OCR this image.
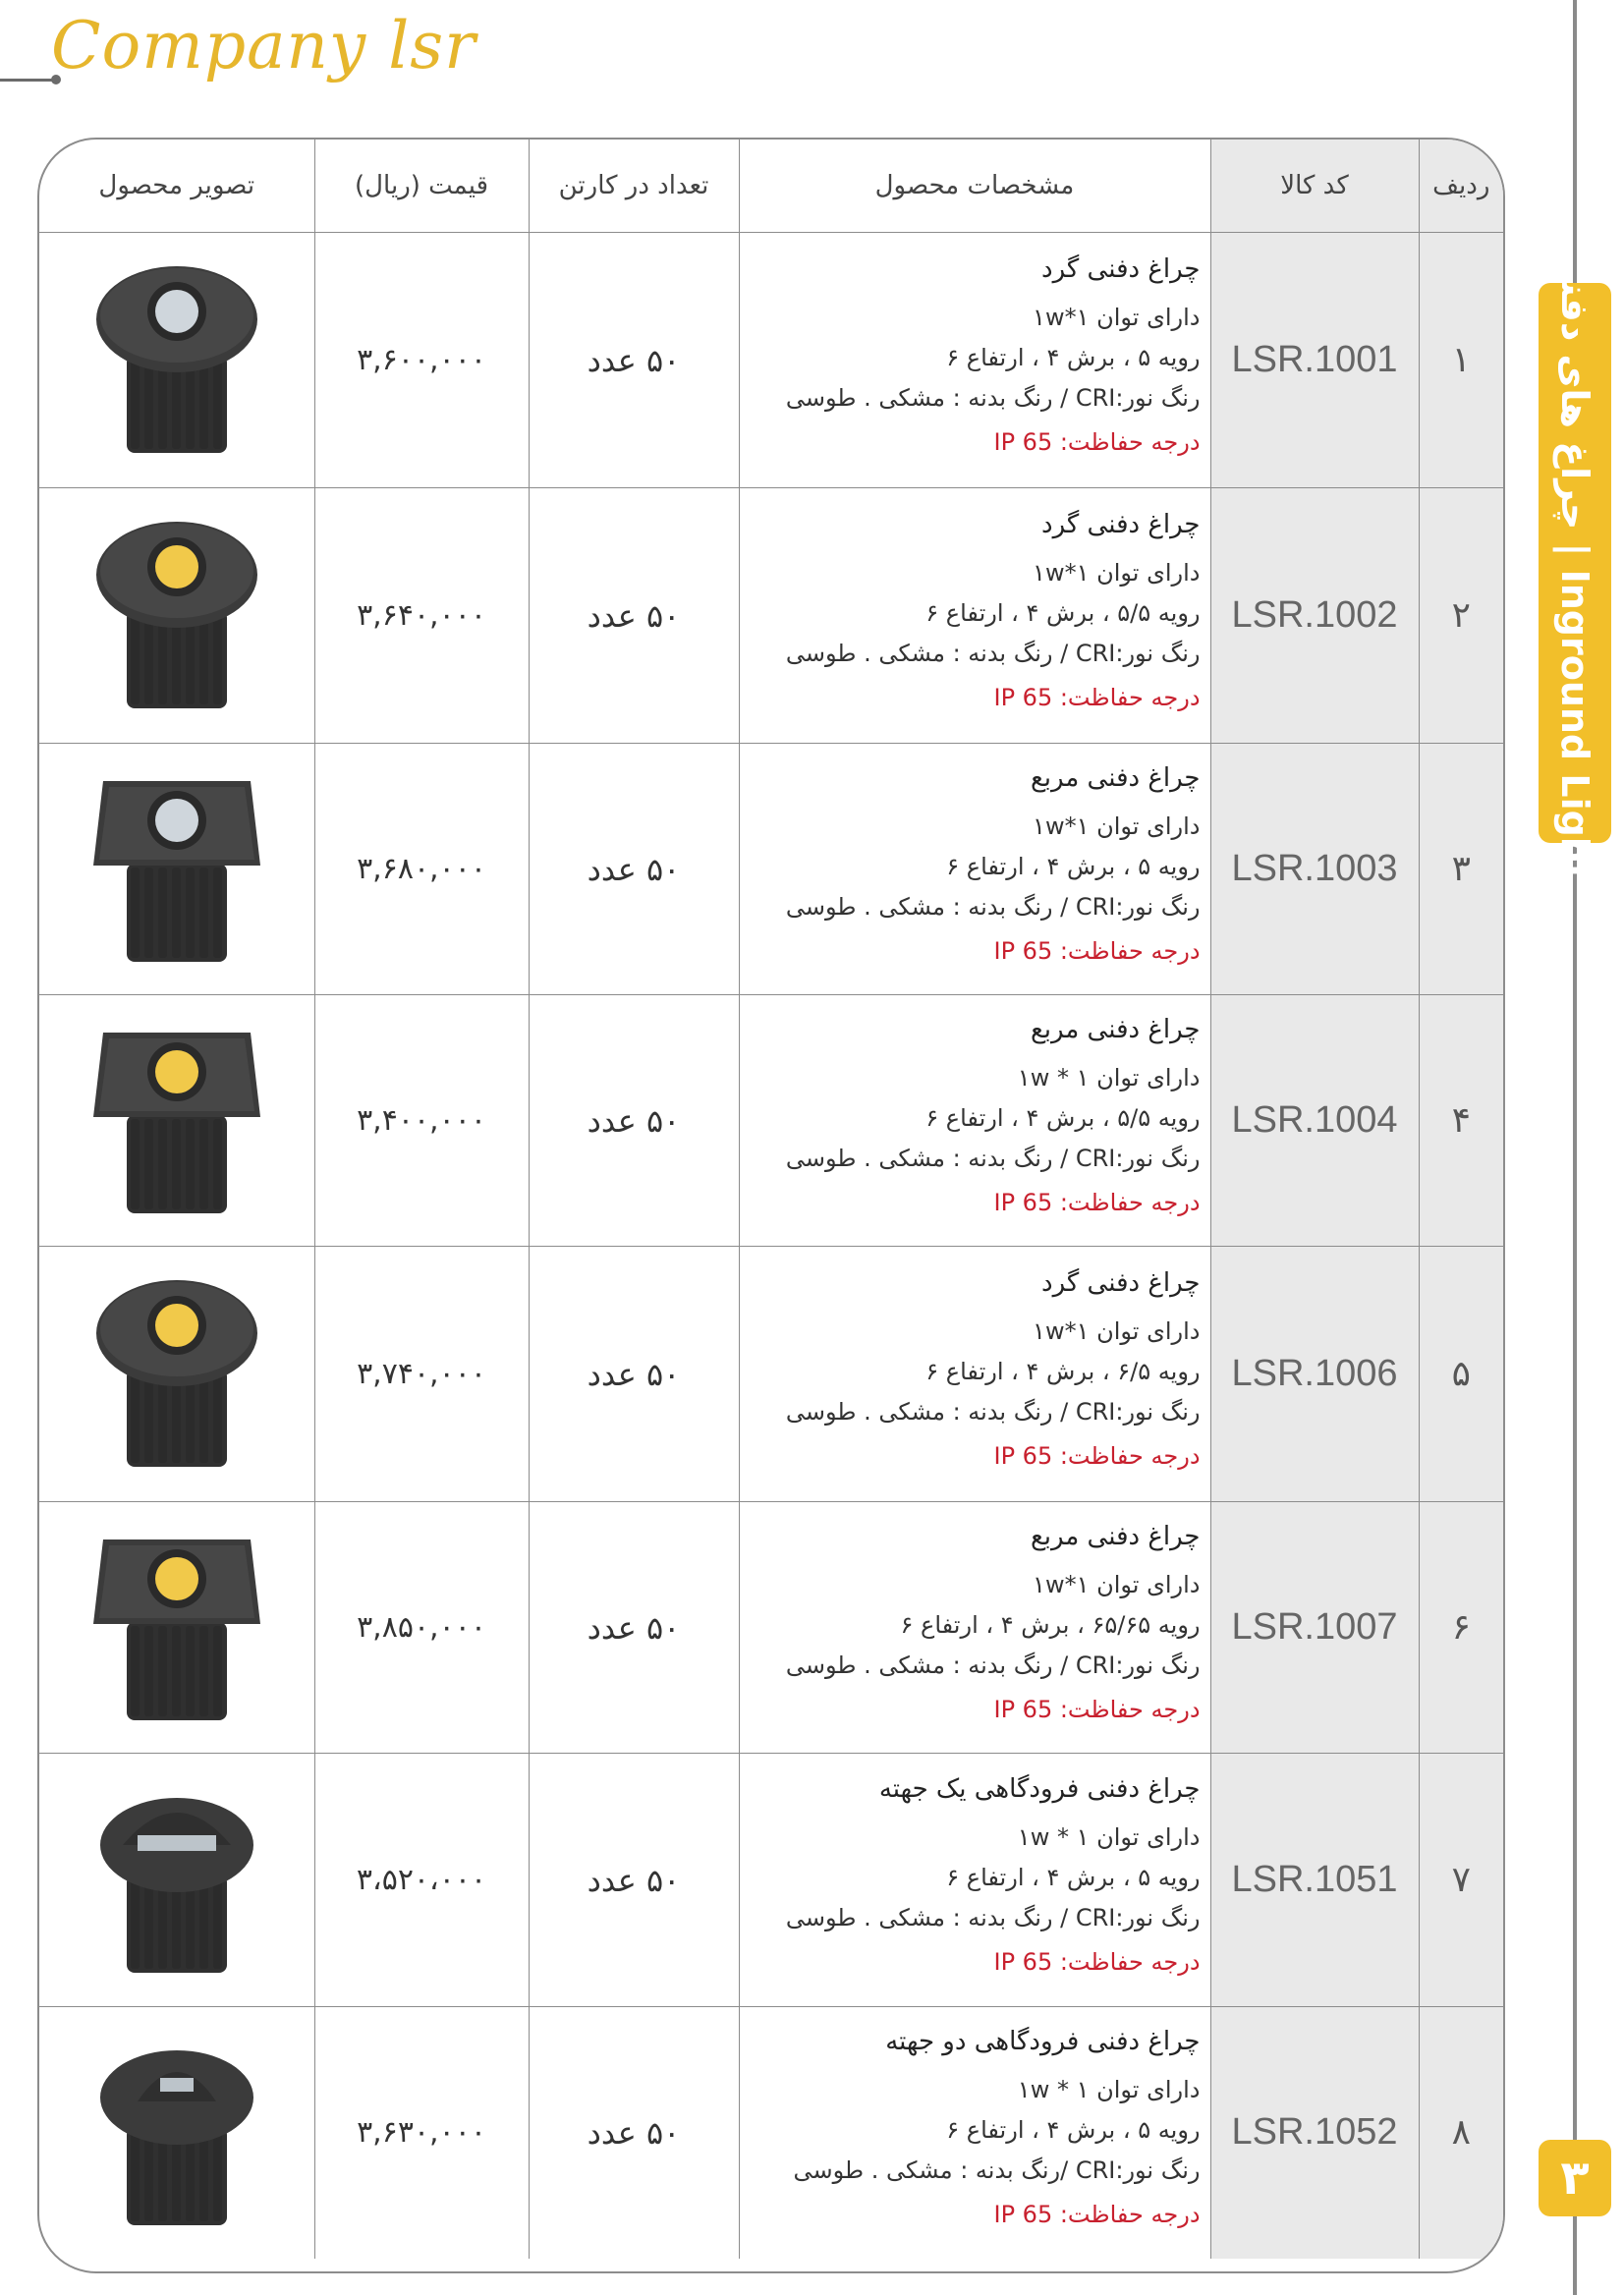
Company lsr
چراغ های دفنی | Inground Light
۳
ردیف	کد کالا	مشخصات محصول	تعداد در کارتن	قیمت (ریال)	تصویر محصول
۱	LSR.1001	چراغ دفنی گرد
دارای توان ۱w*۱
رویه ۵ ، برش ۴ ، ارتفاع ۶
رنگ نور:CRI / رنگ بدنه : مشکی . طوسی
درجه حفاظت: IP 65	۵۰ عدد	۳,۶۰۰,۰۰۰	
۲	LSR.1002	چراغ دفنی گرد
دارای توان ۱w*۱
رویه ۵/۵ ، برش ۴ ، ارتفاع ۶
رنگ نور:CRI / رنگ بدنه : مشکی . طوسی
درجه حفاظت: IP 65	۵۰ عدد	۳,۶۴۰,۰۰۰	
۳	LSR.1003	چراغ دفنی مربع
دارای توان ۱w*۱
رویه ۵ ، برش ۴ ، ارتفاع ۶
رنگ نور:CRI / رنگ بدنه : مشکی . طوسی
درجه حفاظت: IP 65	۵۰ عدد	۳,۶۸۰,۰۰۰	
۴	LSR.1004	چراغ دفنی مربع
دارای توان ۱w * ۱
رویه ۵/۵ ، برش ۴ ، ارتفاع ۶
رنگ نور:CRI / رنگ بدنه : مشکی . طوسی
درجه حفاظت: IP 65	۵۰ عدد	۳,۴۰۰,۰۰۰	
۵	LSR.1006	چراغ دفنی گرد
دارای توان ۱w*۱
رویه ۶/۵ ، برش ۴ ، ارتفاع ۶
رنگ نور:CRI / رنگ بدنه : مشکی . طوسی
درجه حفاظت: IP 65	۵۰ عدد	۳,۷۴۰,۰۰۰	
۶	LSR.1007	چراغ دفنی مربع
دارای توان ۱w*۱
رویه ۶۵/۶۵ ، برش ۴ ، ارتفاع ۶
رنگ نور:CRI / رنگ بدنه : مشکی . طوسی
درجه حفاظت: IP 65	۵۰ عدد	۳,۸۵۰,۰۰۰	
۷	LSR.1051	چراغ دفنی فرودگاهی یک جهته
دارای توان ۱w * ۱
رویه ۵ ، برش ۴ ، ارتفاع ۶
رنگ نور:CRI / رنگ بدنه : مشکی . طوسی
درجه حفاظت: IP 65	۵۰ عدد	۳،۵۲۰،۰۰۰	
۸	LSR.1052	چراغ دفنی فرودگاهی دو جهته
دارای توان ۱w * ۱
رویه ۵ ، برش ۴ ، ارتفاع ۶
رنگ نور:CRI /رنگ بدنه : مشکی . طوسی
درجه حفاظت: IP 65	۵۰ عدد	۳,۶۳۰,۰۰۰	
